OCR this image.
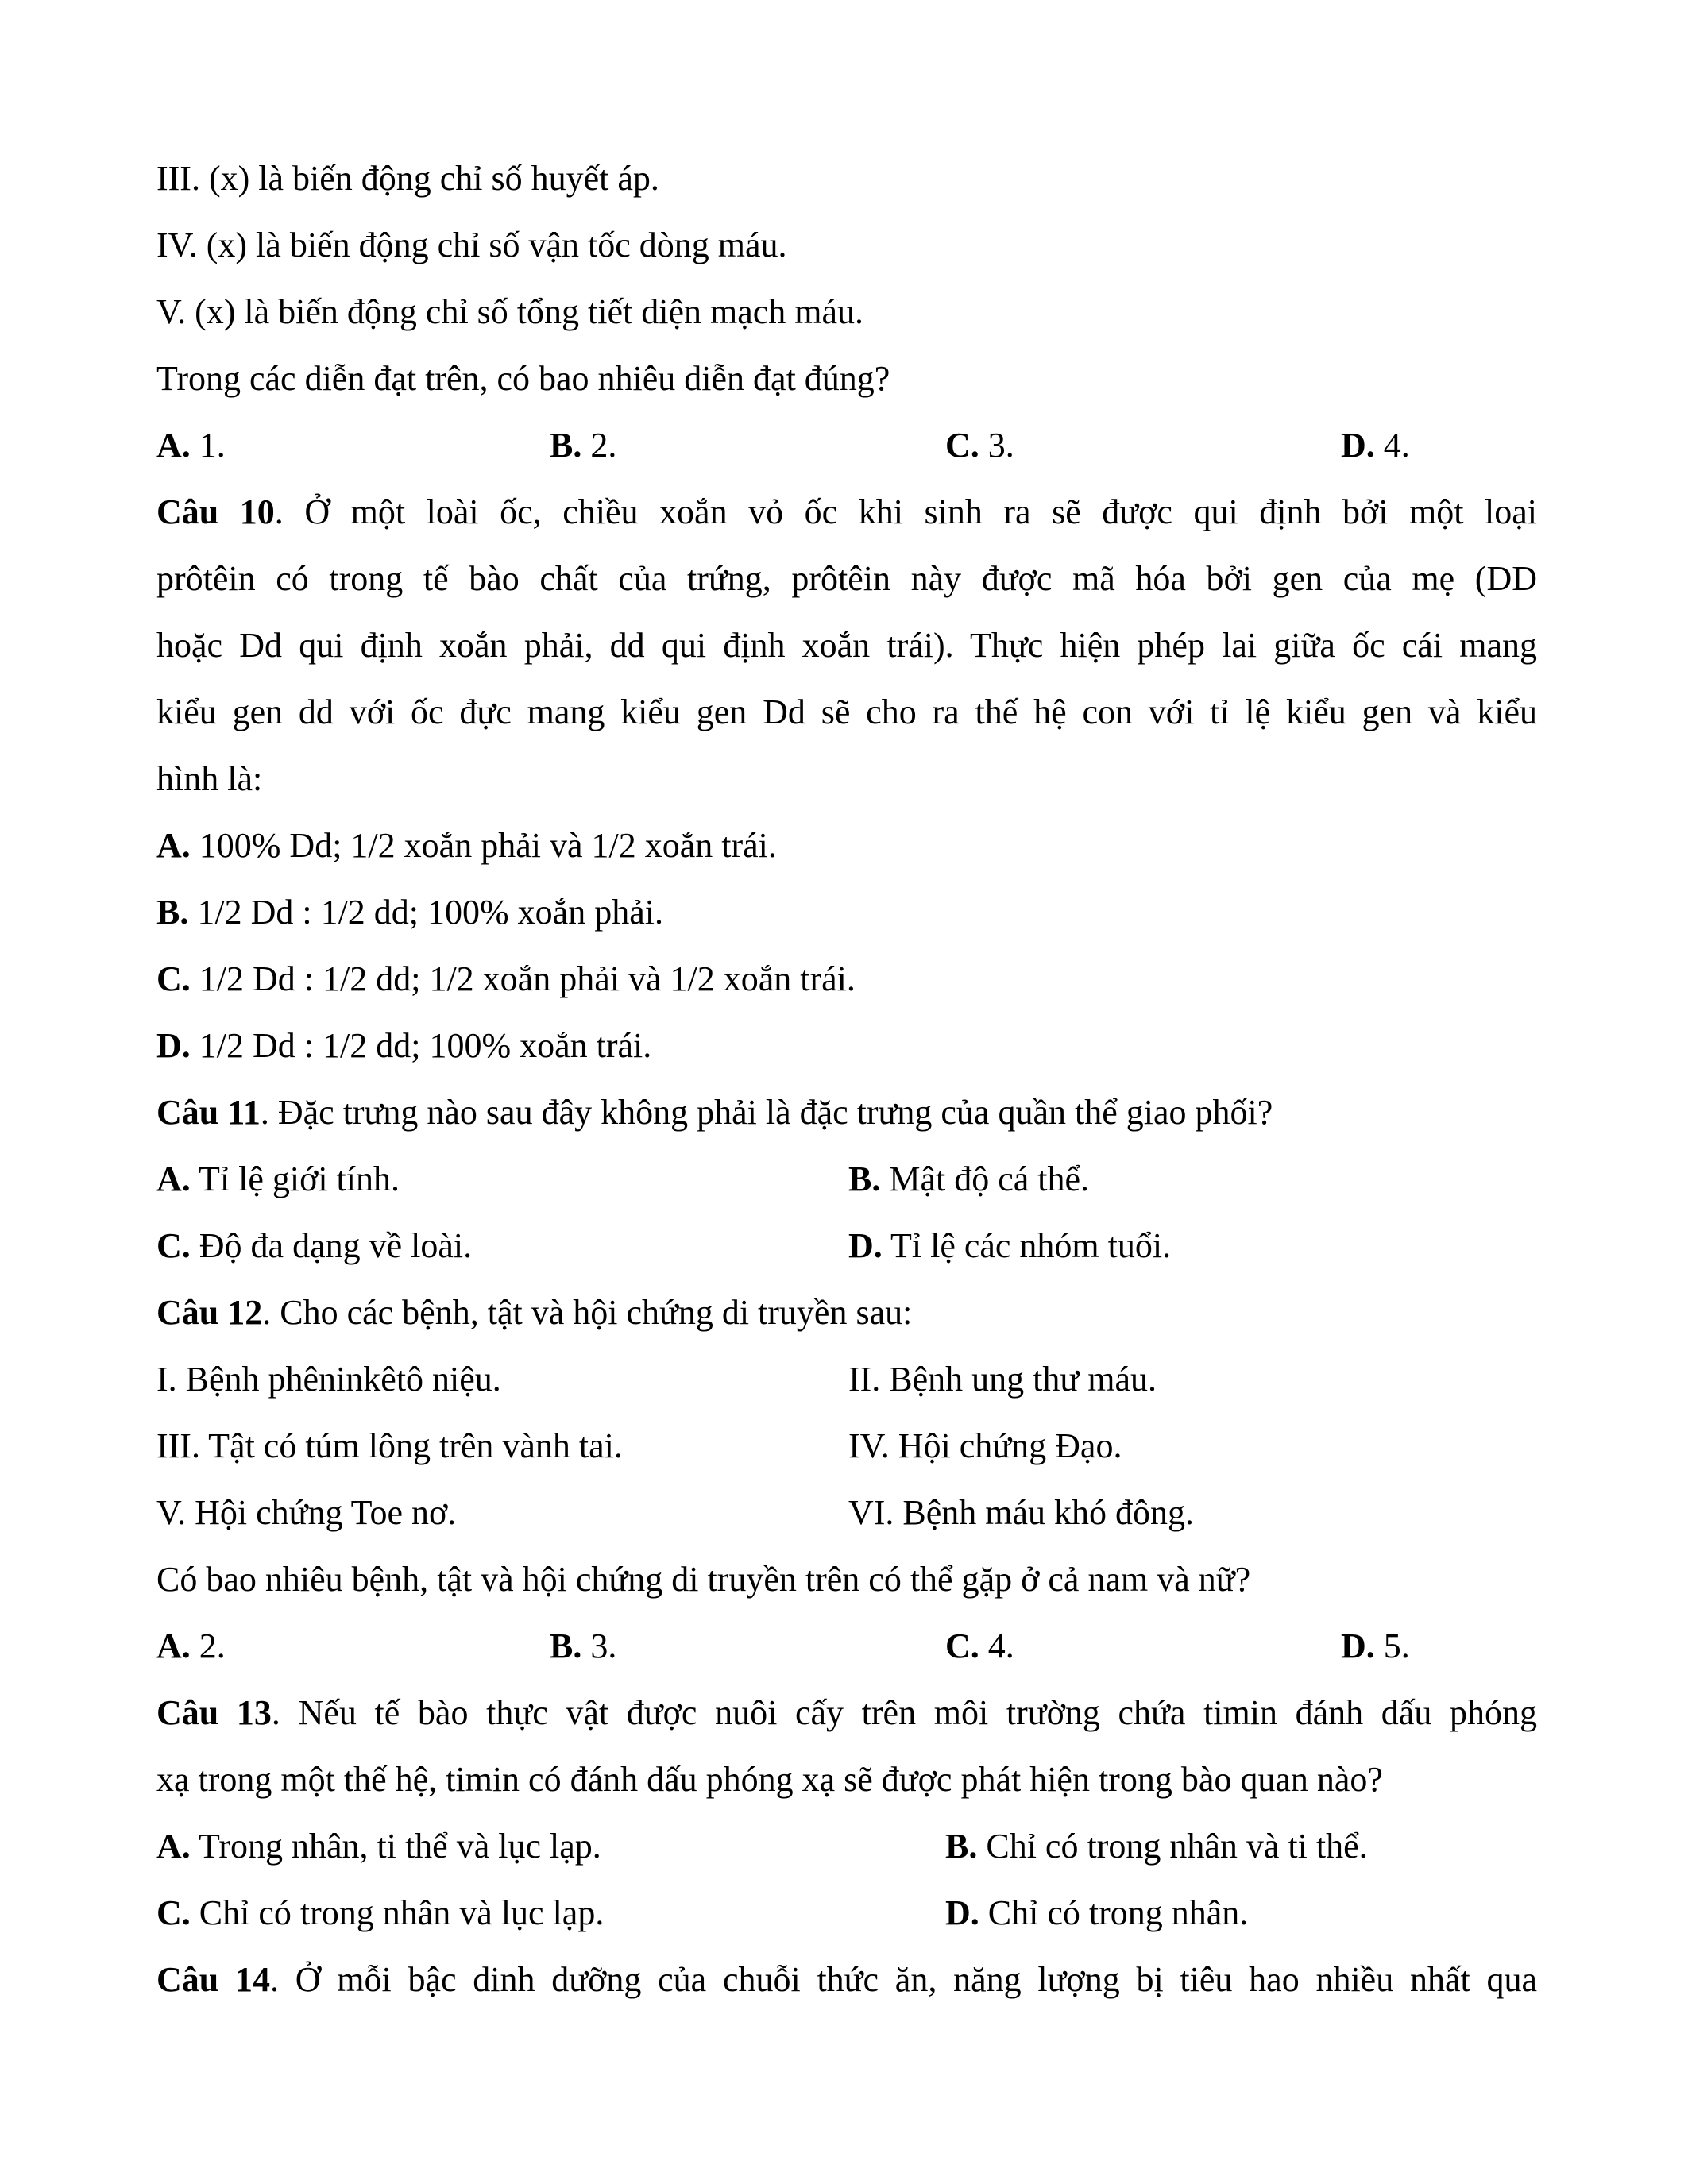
III. (x) là biến động chỉ số huyết áp.
IV. (x) là biến động chỉ số vận tốc dòng máu.
V. (x) là biến động chỉ số tổng tiết diện mạch máu.
Trong các diễn đạt trên, có bao nhiêu diễn đạt đúng?
A. 1.	B. 2.	C. 3.	D. 4.
Câu 10. Ở một loài ốc, chiều xoắn vỏ ốc khi sinh ra sẽ được qui định bởi một loại
prôtêin có trong tế bào chất của trứng, prôtêin này được mã hóa bởi gen của mẹ (DD
hoặc Dd qui định xoắn phải, dd qui định xoắn trái). Thực hiện phép lai giữa ốc cái mang
kiểu gen dd với ốc đực mang kiểu gen Dd sẽ cho ra thế hệ con với tỉ lệ kiểu gen và kiểu
hình là:
A. 100% Dd; 1/2 xoắn phải và 1/2 xoắn trái.
B. 1/2 Dd : 1/2 dd; 100% xoắn phải.
C. 1/2 Dd : 1/2 dd; 1/2 xoắn phải và 1/2 xoắn trái.
D. 1/2 Dd : 1/2 dd; 100% xoắn trái.
Câu 11. Đặc trưng nào sau đây không phải là đặc trưng của quần thể giao phối?
A. Tỉ lệ giới tính.	B. Mật độ cá thể.
C. Độ đa dạng về loài.	D. Tỉ lệ các nhóm tuổi.
Câu 12. Cho các bệnh, tật và hội chứng di truyền sau:
I. Bệnh phêninkêtô niệu.	II. Bệnh ung thư máu.
III. Tật có túm lông trên vành tai.	IV. Hội chứng Đạo.
V. Hội chứng Toe nơ.	VI. Bệnh máu khó đông.
Có bao nhiêu bệnh, tật và hội chứng di truyền trên có thể gặp ở cả nam và nữ?
A. 2.	B. 3.	C. 4.	D. 5.
Câu 13. Nếu tế bào thực vật được nuôi cấy trên môi trường chứa timin đánh dấu phóng
xạ trong một thế hệ, timin có đánh dấu phóng xạ sẽ được phát hiện trong bào quan nào?
A. Trong nhân, ti thể và lục lạp.	B. Chỉ có trong nhân và ti thể.
C. Chỉ có trong nhân và lục lạp.	D. Chỉ có trong nhân.
Câu 14. Ở mỗi bậc dinh dưỡng của chuỗi thức ăn, năng lượng bị tiêu hao nhiều nhất qua
